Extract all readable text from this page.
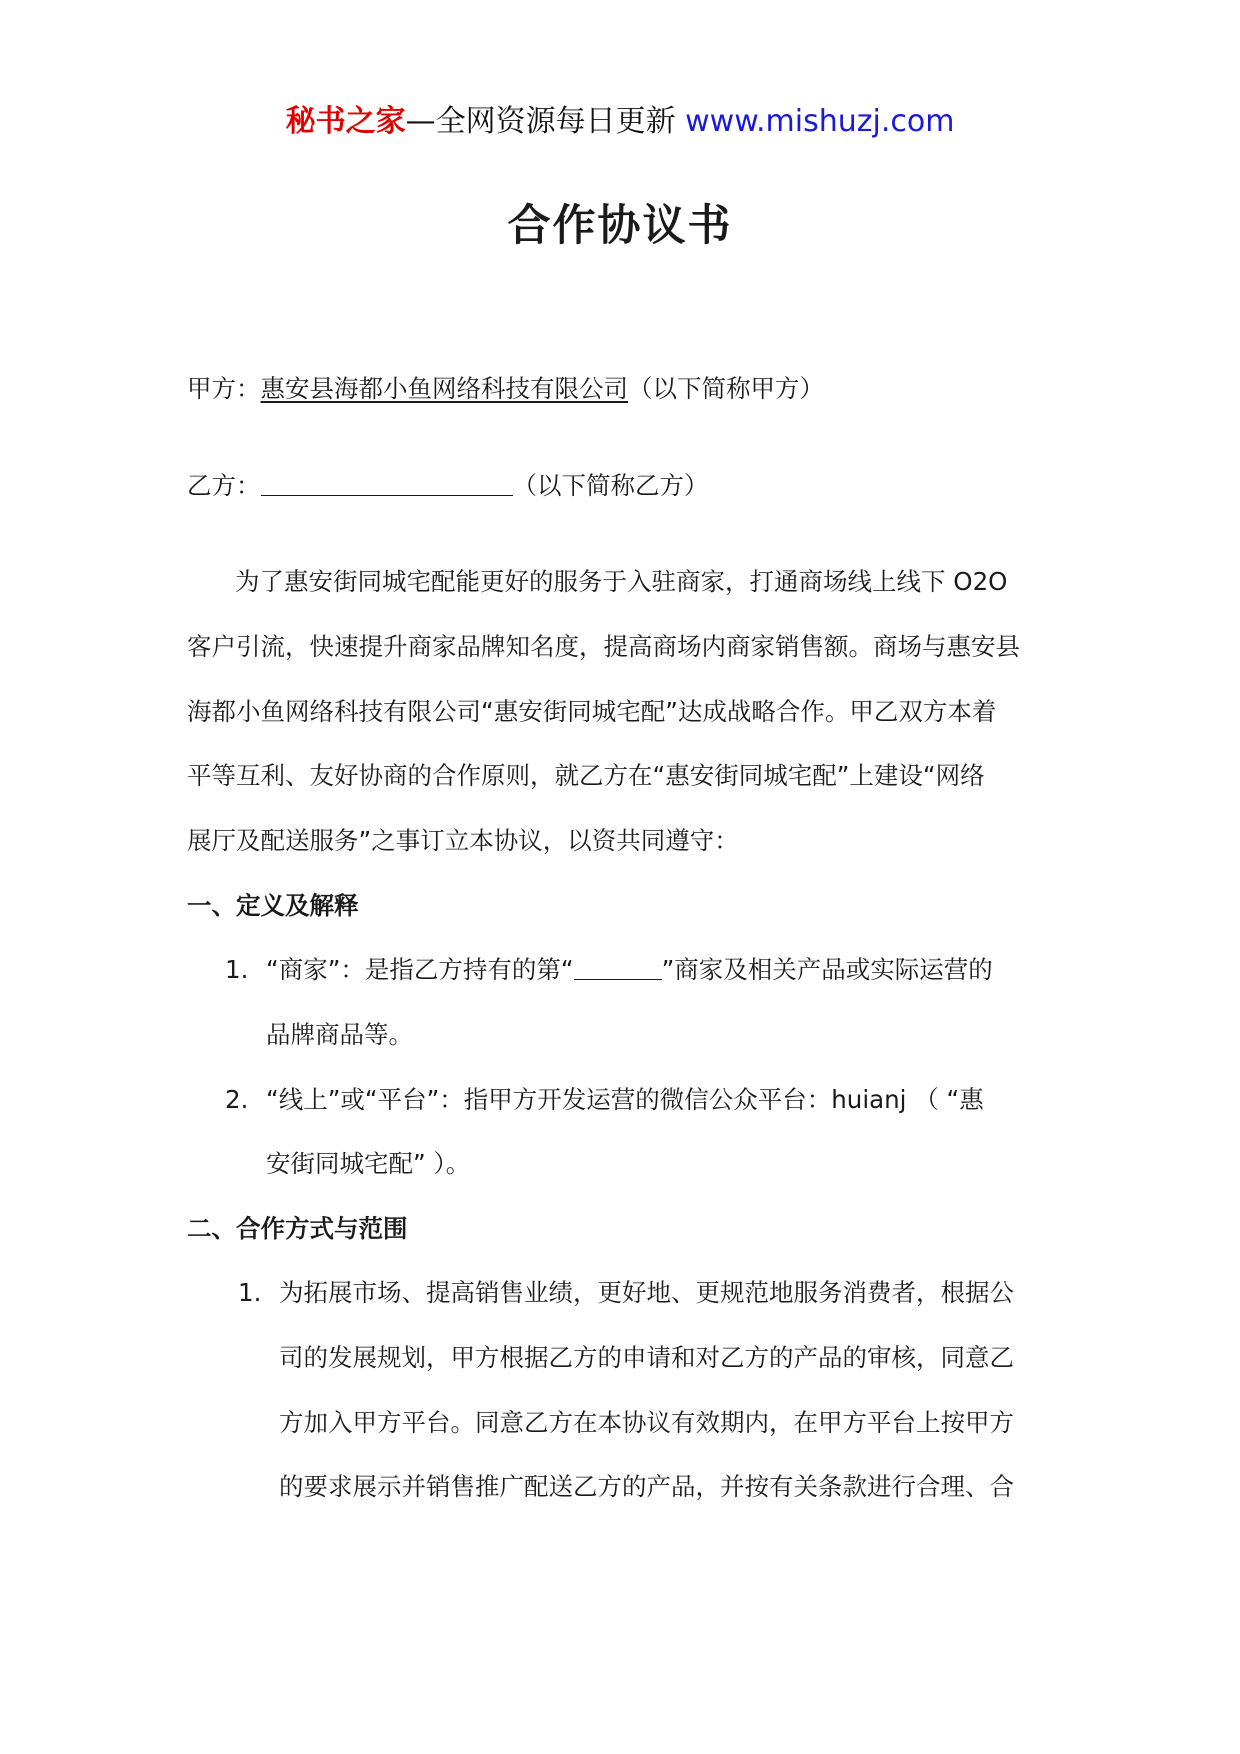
秘书之家—全网资源每日更新 www.mishuzj.com
合作协议书
甲方：惠安县海都小鱼网络科技有限公司（以下简称甲方）
乙方：	（以下简称乙方）
为了惠安街同城宅配能更好的服务于入驻商家，打通商场线上线下 O2O
客户引流，快速提升商家品牌知名度，提高商场内商家销售额。商场与惠安县
海都小鱼网络科技有限公司“惠安街同城宅配”达成战略合作。甲乙双方本着
平等互利、友好协商的合作原则，就乙方在“惠安街同城宅配”上建设“网络
展厅及配送服务”之事订立本协议，以资共同遵守：
一、定义及解释
1. “商家”：是指乙方持有的第“	”商家及相关产品或实际运营的
品牌商品等。
2. “线上”或“平台”：指甲方开发运营的微信公众平台：huianj （ “惠
安街同城宅配” ）。
二、合作方式与范围
1. 为拓展市场、提高销售业绩，更好地、更规范地服务消费者，根据公
司的发展规划，甲方根据乙方的申请和对乙方的产品的审核，同意乙
方加入甲方平台。同意乙方在本协议有效期内，在甲方平台上按甲方
的要求展示并销售推广配送乙方的产品，并按有关条款进行合理、合
